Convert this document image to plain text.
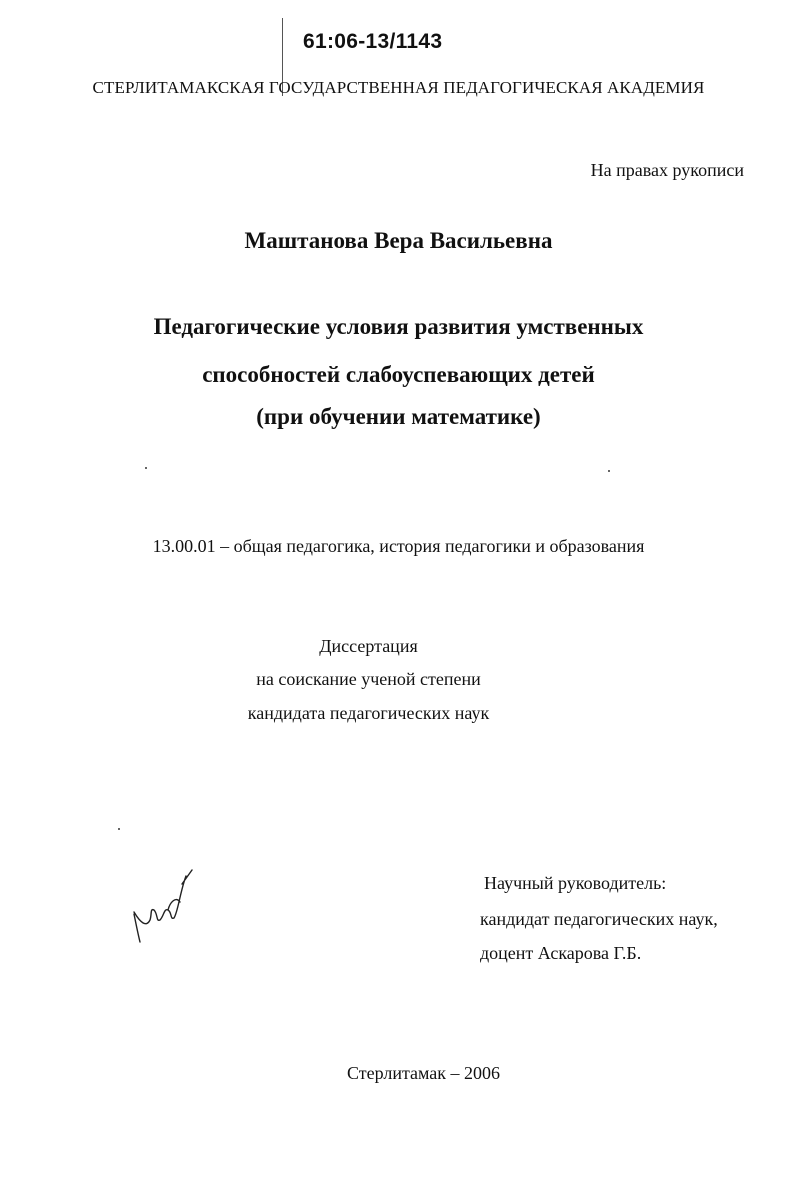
61:06-13/1143
СТЕРЛИТАМАКСКАЯ ГОСУДАРСТВЕННАЯ ПЕДАГОГИЧЕСКАЯ АКАДЕМИЯ
На правах рукописи
Маштанова Вера Васильевна
Педагогические условия развития умственных
способностей слабоуспевающих детей
(при обучении математике)
13.00.01 – общая педагогика, история педагогики и образования
Диссертация
на соискание ученой степени
кандидата педагогических наук
Научный руководитель:
кандидат педагогических наук,
доцент Аскарова Г.Б.
Стерлитамак – 2006
